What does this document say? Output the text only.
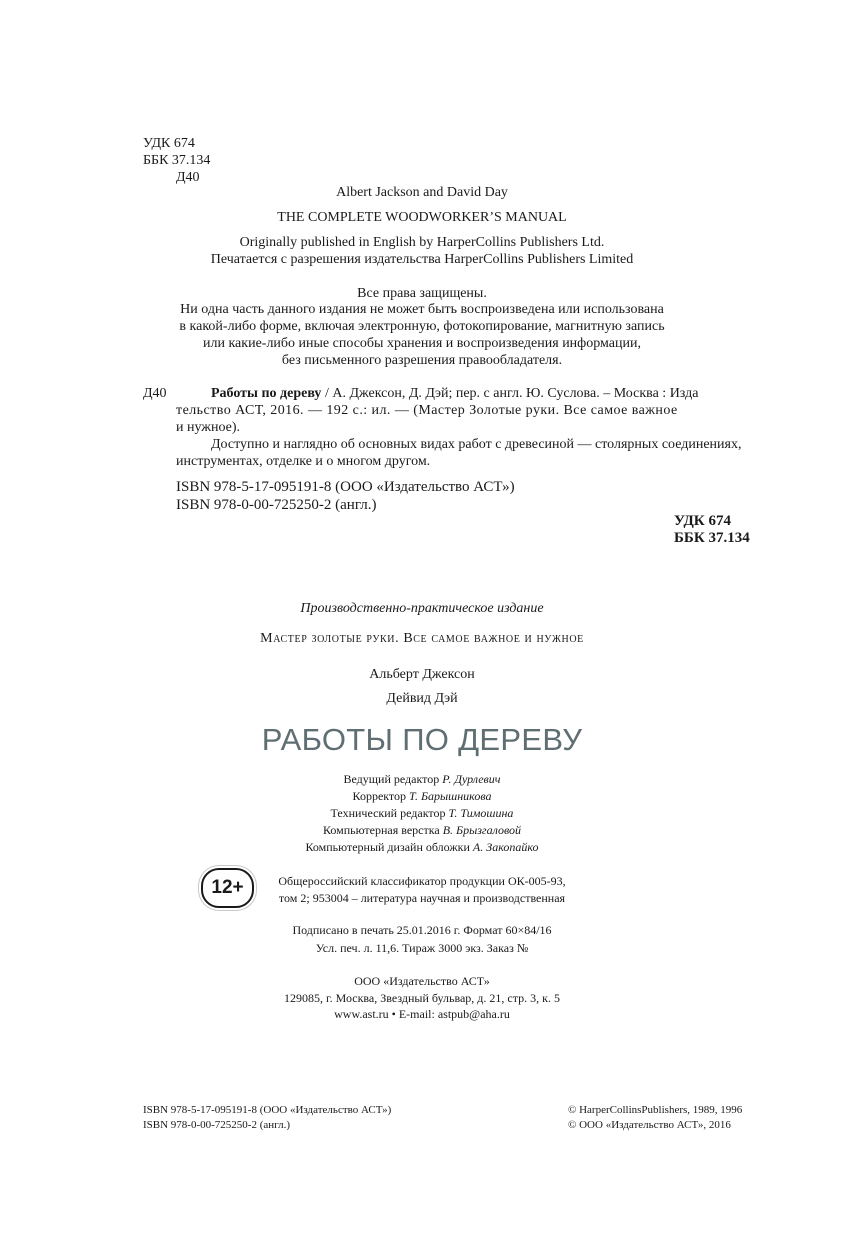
УДК 674
ББК 37.134
Д40
Albert Jackson and David Day
THE COMPLETE WOODWORKER’S MANUAL
Originally published in English by HarperCollins Publishers Ltd.
Печатается с разрешения издательства HarperCollins Publishers Limited
Все права защищены.
Ни одна часть данного издания не может быть воспроизведена или использована
в какой-либо форме, включая электронную, фотокопирование, магнитную запись
или какие-либо иные способы хранения и воспроизведения информации,
без письменного разрешения правообладателя.
Д40	Работы по дереву / А. Джексон, Д. Дэй; пер. с англ. Ю. Суслова. – Москва : Изда
тельство АСТ, 2016. — 192 с.: ил. — (Мастер Золотые руки. Все самое важное
и нужное).
Доступно и наглядно об основных видах работ с древесиной — столярных соединениях,
инструментах, отделке и о многом другом.
ISBN 978-5-17-095191-8 (ООО «Издательство АСТ»)
ISBN 978-0-00-725250-2 (англ.)
УДК 674
ББК 37.134
Производственно-практическое издание
Мастер золотые руки. Все самое важное и нужное
Альберт Джексон
Дейвид Дэй
РАБОТЫ ПО ДЕРЕВУ
Ведущий редактор Р. Дурлевич
Корректор Т. Барышникова
Технический редактор Т. Тимошина
Компьютерная верстка В. Брызгаловой
Компьютерный дизайн обложки А. Закопайко
12+	Общероссийский классификатор продукции ОК-005-93,
том 2; 953004 – литература научная и производственная
Подписано в печать 25.01.2016 г. Формат 60×84/16
Усл. печ. л. 11,6. Тираж 3000 экз. Заказ №
ООО «Издательство АСТ»
129085, г. Москва, Звездный бульвар, д. 21, стр. 3, к. 5
www.ast.ru • E-mail: astpub@aha.ru
ISBN 978-5-17-095191-8 (ООО «Издательство АСТ»)
ISBN 978-0-00-725250-2 (англ.)
© HarperCollinsPublishers, 1989, 1996
© ООО «Издательство АСТ», 2016
